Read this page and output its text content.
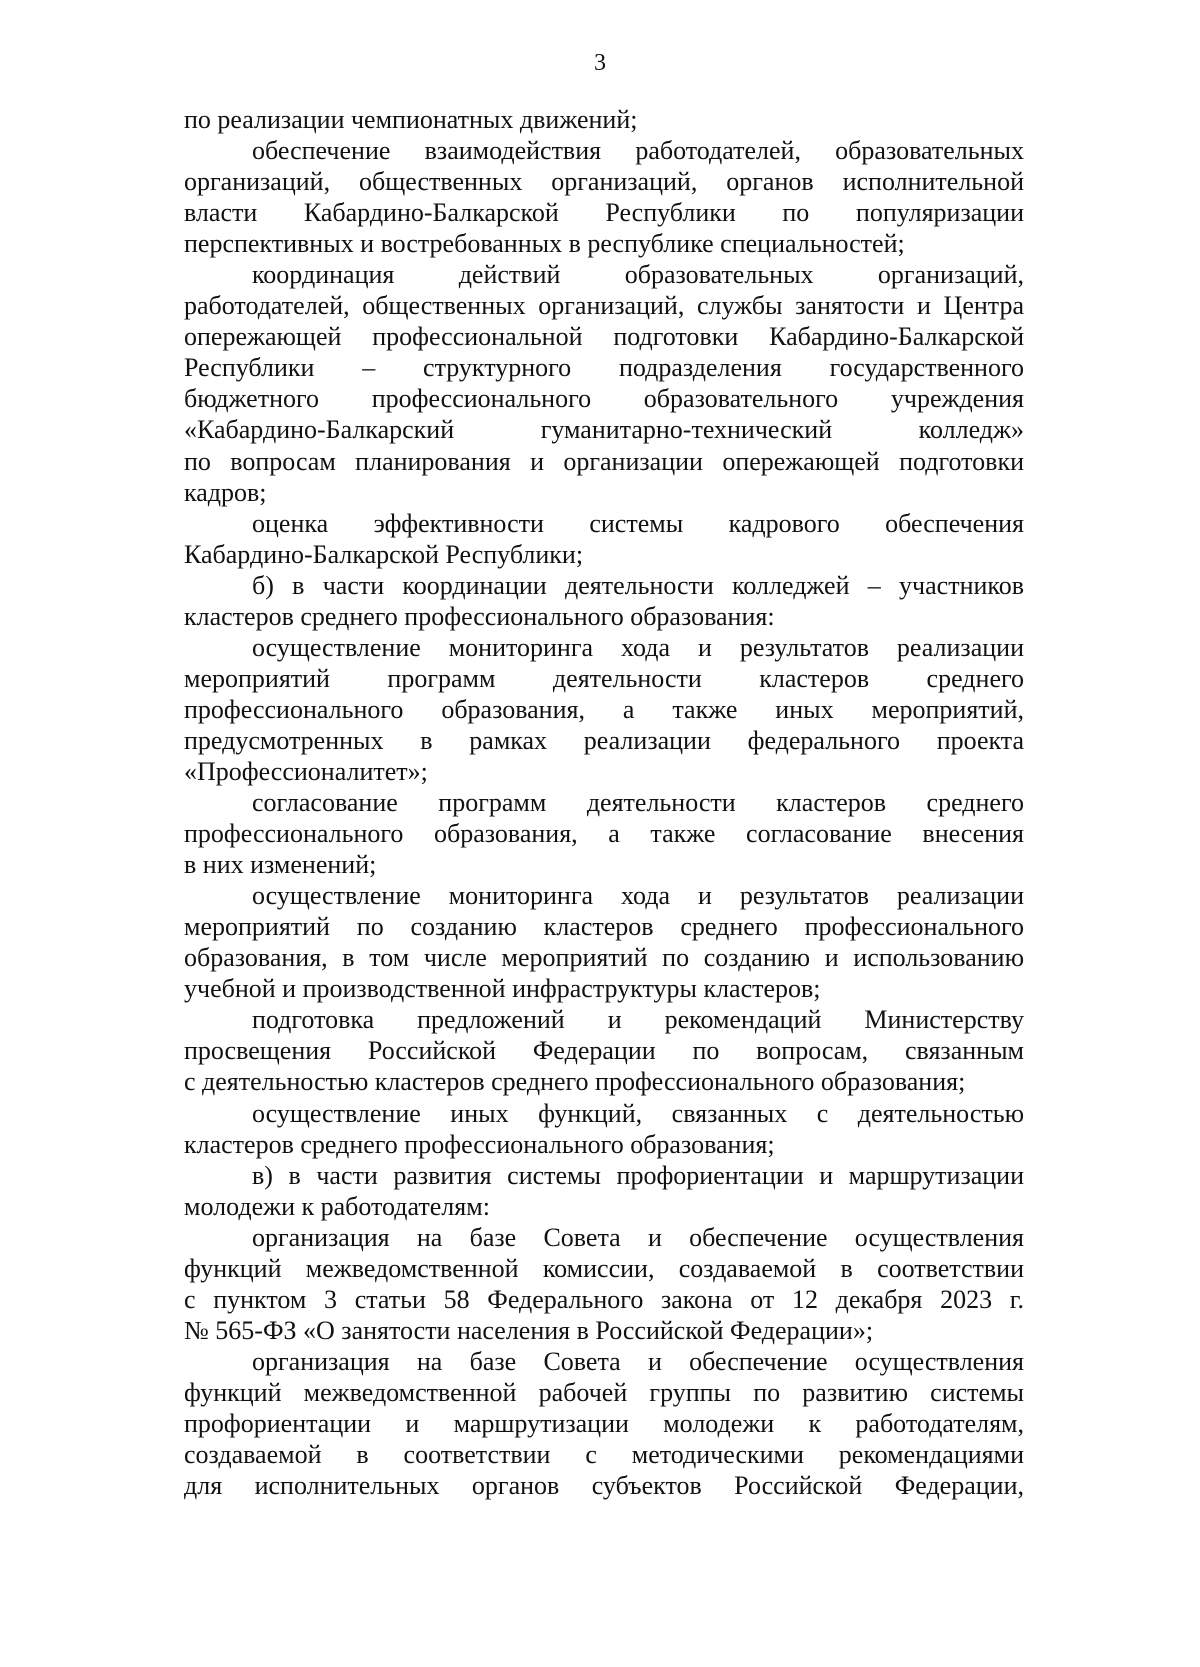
3
по реализации чемпионатных движений;
обеспечение взаимодействия работодателей, образовательных
организаций, общественных организаций, органов исполнительной
власти Кабардино-Балкарской Республики по популяризации
перспективных и востребованных в республике специальностей;
координация действий образовательных организаций,
работодателей, общественных организаций, службы занятости и Центра
опережающей профессиональной подготовки Кабардино-Балкарской
Республики – структурного подразделения государственного
бюджетного профессионального образовательного учреждения
«Кабардино-Балкарский гуманитарно-технический колледж»
по вопросам планирования и организации опережающей подготовки
кадров;
оценка эффективности системы кадрового обеспечения
Кабардино-Балкарской Республики;
б) в части координации деятельности колледжей – участников
кластеров среднего профессионального образования:
осуществление мониторинга хода и результатов реализации
мероприятий программ деятельности кластеров среднего
профессионального образования, а также иных мероприятий,
предусмотренных в рамках реализации федерального проекта
«Профессионалитет»;
согласование программ деятельности кластеров среднего
профессионального образования, а также согласование внесения
в них изменений;
осуществление мониторинга хода и результатов реализации
мероприятий по созданию кластеров среднего профессионального
образования, в том числе мероприятий по созданию и использованию
учебной и производственной инфраструктуры кластеров;
подготовка предложений и рекомендаций Министерству
просвещения Российской Федерации по вопросам, связанным
с деятельностью кластеров среднего профессионального образования;
осуществление иных функций, связанных с деятельностью
кластеров среднего профессионального образования;
в) в части развития системы профориентации и маршрутизации
молодежи к работодателям:
организация на базе Совета и обеспечение осуществления
функций межведомственной комиссии, создаваемой в соответствии
с пунктом 3 статьи 58 Федерального закона от 12 декабря 2023 г.
№ 565-ФЗ «О занятости населения в Российской Федерации»;
организация на базе Совета и обеспечение осуществления
функций межведомственной рабочей группы по развитию системы
профориентации и маршрутизации молодежи к работодателям,
создаваемой в соответствии с методическими рекомендациями
для исполнительных органов субъектов Российской Федерации,
